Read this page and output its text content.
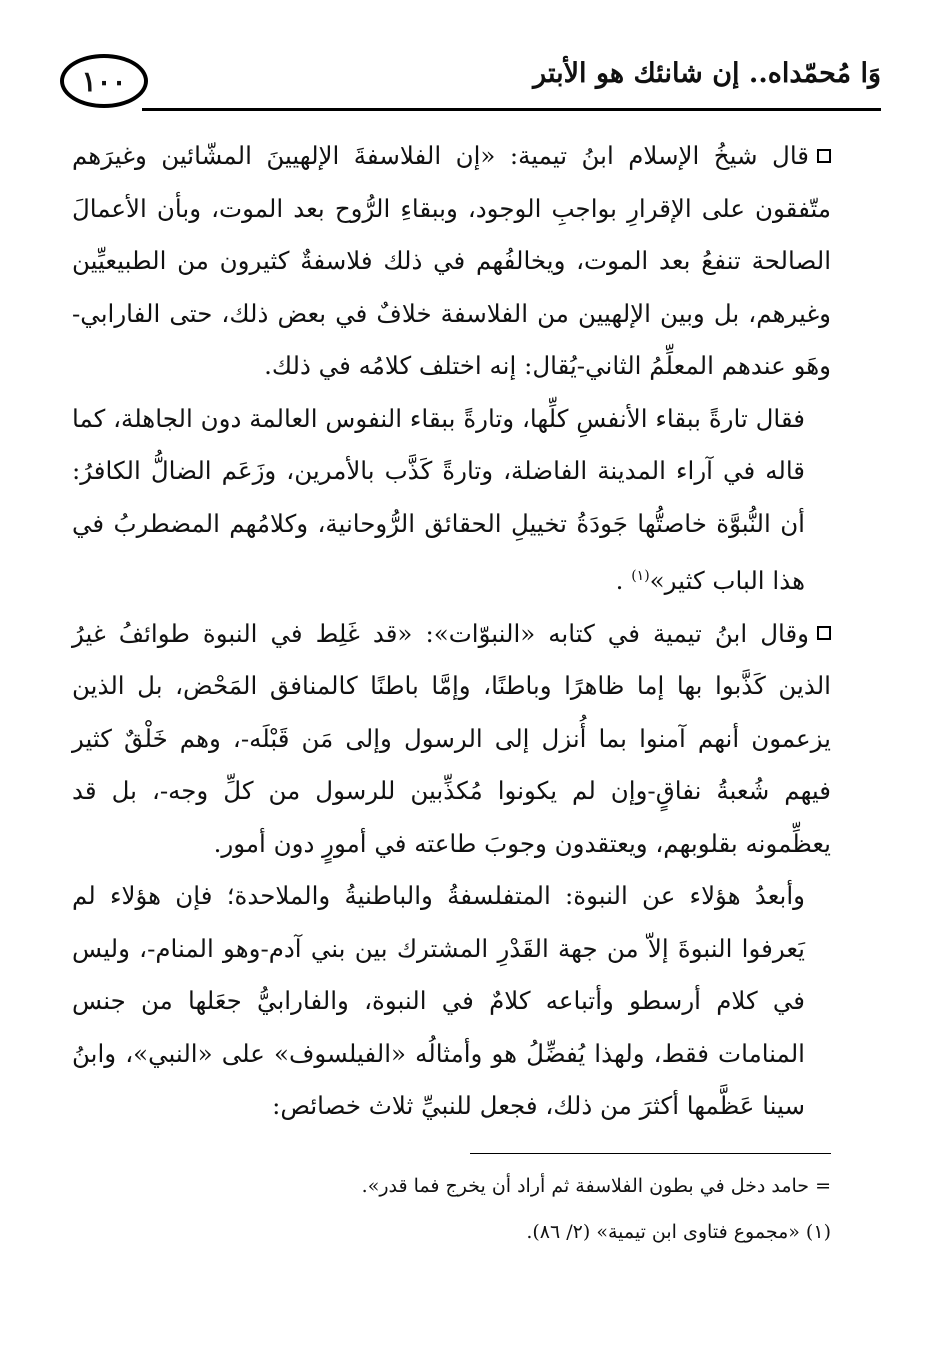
١٠٠	وَا مُحمّداه.. إن شانئك هو الأبتر

قال شيخُ الإسلام ابنُ تيمية: «إن الفلاسفةَ الإلهيينَ المشّائين وغيرَهم متّفقون على الإقرارِ بواجبِ الوجود، وببقاءِ الرُّوح بعد الموت، وبأن الأعمالَ الصالحة تنفعُ بعد الموت، ويخالفُهم في ذلك فلاسفةٌ كثيرون من الطبيعيِّين وغيرهم، بل وبين الإلهيين من الفلاسفة خلافٌ في بعض ذلك، حتى الفارابي-وهَو عندهم المعلِّمُ الثاني-يُقال: إنه اختلف كلامُه في ذلك.

فقال تارةً ببقاء الأنفسِ كلِّها، وتارةً ببقاء النفوس العالمة دون الجاهلة، كما قاله في آراء المدينة الفاضلة، وتارةً كَذَّب بالأمرين، وزَعَم الضالُّ الكافرُ: أن النُّبوَّة خاصتُّها جَودَةُ تخييلِ الحقائق الرُّوحانية، وكلامُهم المضطربُ في هذا الباب كثير»$^{(١)}$ .

وقال ابنُ تيمية في كتابه «النبوّات»: «قد غَلِط في النبوة طوائفُ غيرُ الذين كَذَّبوا بها إما ظاهرًا وباطنًا، وإمَّا باطنًا كالمنافق المَحْض، بل الذين يزعمون أنهم آمنوا بما أُنزل إلى الرسول وإلى مَن قَبْلَه-، وهم خَلْقٌ كثير فيهم شُعبةُ نفاقٍ-وإن لم يكونوا مُكذِّبين للرسول من كلِّ وجه-، بل قد يعظِّمونه بقلوبهم، ويعتقدون وجوبَ طاعته في أمورٍ دون أمور.

وأبعدُ هؤلاء عن النبوة: المتفلسفةُ والباطنيةُ والملاحدة؛ فإن هؤلاء لم يَعرفوا النبوةَ إلاّ من جهة القَدْرِ المشترك بين بني آدم-وهو المنام-، وليس في كلام أرسطو وأتباعه كلامٌ في النبوة، والفارابيُّ جعَلها من جنس المنامات فقط، ولهذا يُفضِّلُ هو وأمثالُه «الفيلسوف» على «النبي»، وابنُ سينا عَظَّمها أكثرَ من ذلك، فجعل للنبيِّ ثلاث خصائص:

= حامد دخل في بطون الفلاسفة ثم أراد أن يخرج فما قدر».

(١) «مجموع فتاوى ابن تيمية» (٢/ ٨٦).
